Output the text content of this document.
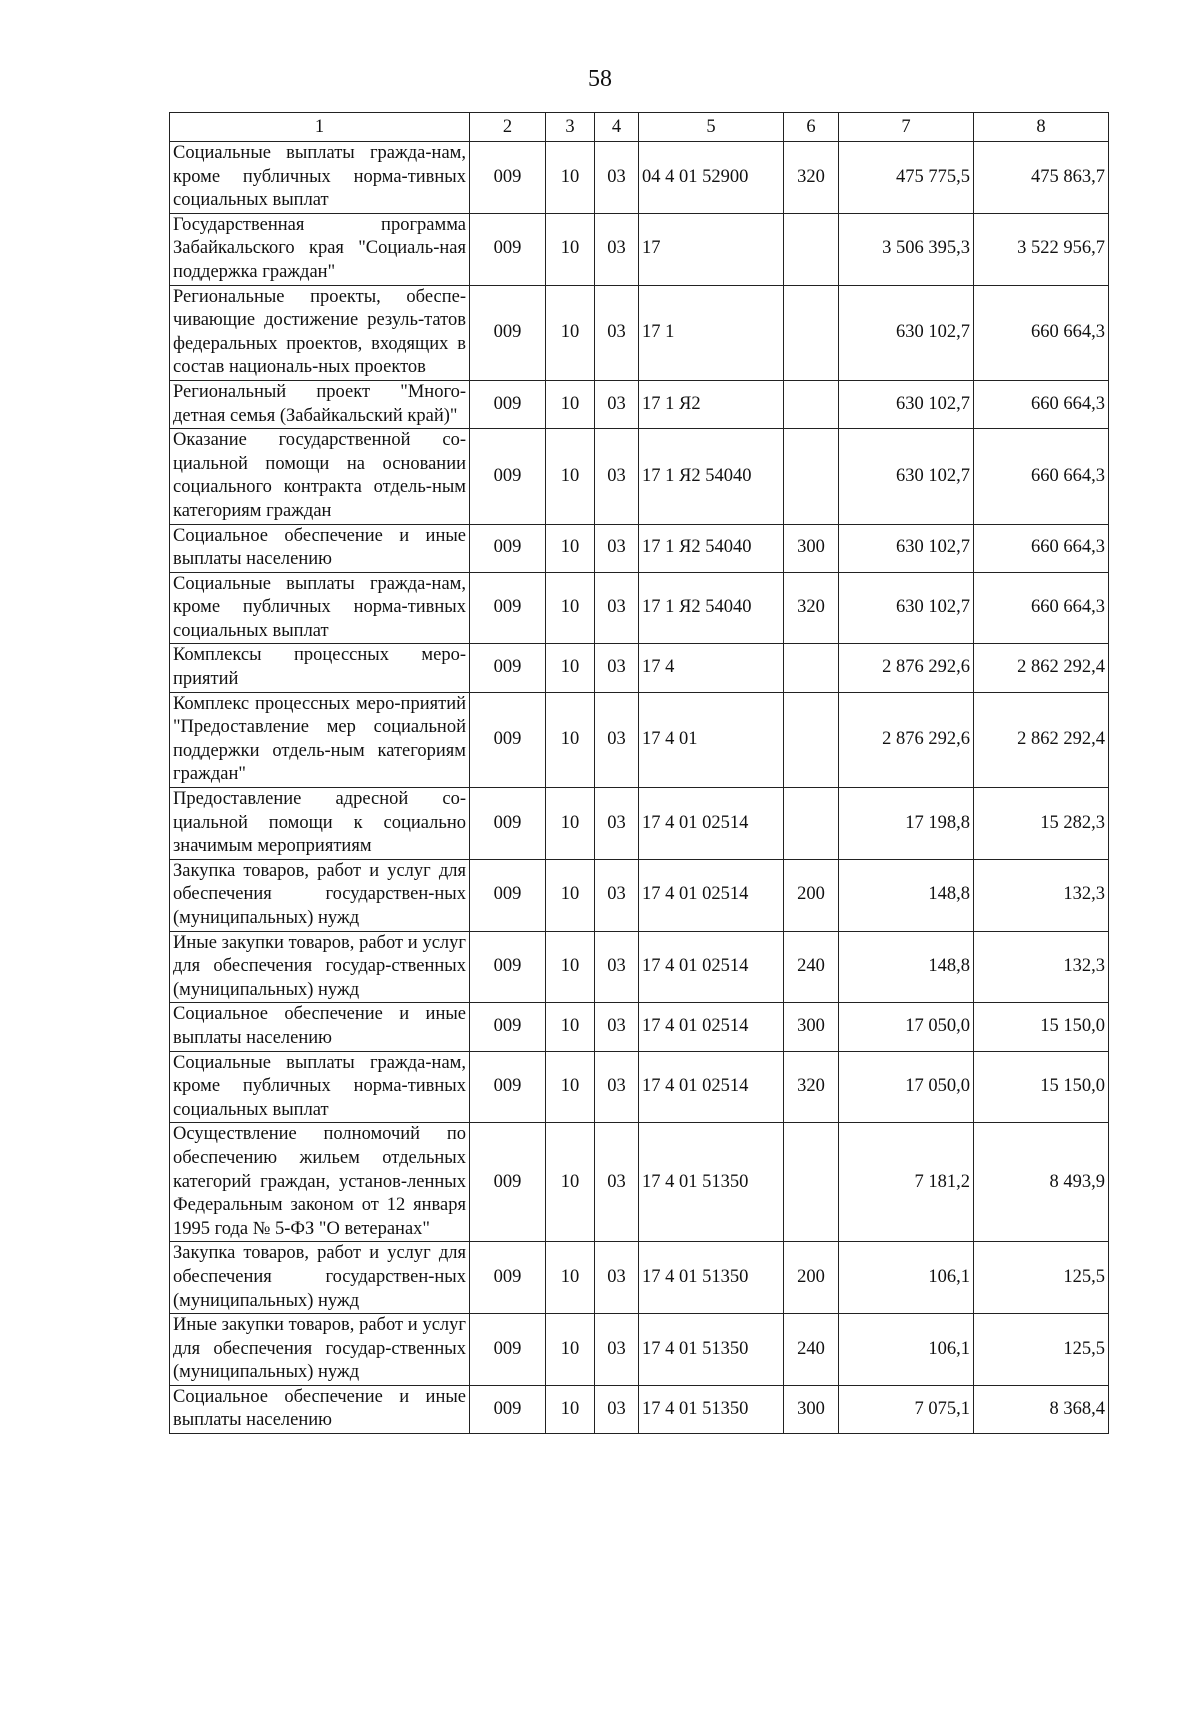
58
1	2	3	4	5	6	7	8
Социальные выплаты гражда-нам, кроме публичных норма-тивных социальных выплат	009	10	03	04 4 01 52900	320	475 775,5	475 863,7
Государственная программа Забайкальского края "Социаль-ная поддержка граждан"	009	10	03	17		3 506 395,3	3 522 956,7
Региональные проекты, обеспе-чивающие достижение резуль-татов федеральных проектов, входящих в состав националь-ных проектов	009	10	03	17 1		630 102,7	660 664,3
Региональный проект "Много-детная семья (Забайкальский край)"	009	10	03	17 1 Я2		630 102,7	660 664,3
Оказание государственной со-циальной помощи на основании социального контракта отдель-ным категориям граждан	009	10	03	17 1 Я2 54040		630 102,7	660 664,3
Социальное обеспечение и иные выплаты населению	009	10	03	17 1 Я2 54040	300	630 102,7	660 664,3
Социальные выплаты гражда-нам, кроме публичных норма-тивных социальных выплат	009	10	03	17 1 Я2 54040	320	630 102,7	660 664,3
Комплексы процессных меро-приятий	009	10	03	17 4		2 876 292,6	2 862 292,4
Комплекс процессных меро-приятий "Предоставление мер социальной поддержки отдель-ным категориям граждан"	009	10	03	17 4 01		2 876 292,6	2 862 292,4
Предоставление адресной со-циальной помощи к социально значимым мероприятиям	009	10	03	17 4 01 02514		17 198,8	15 282,3
Закупка товаров, работ и услуг для обеспечения государствен-ных (муниципальных) нужд	009	10	03	17 4 01 02514	200	148,8	132,3
Иные закупки товаров, работ и услуг для обеспечения государ-ственных (муниципальных) нужд	009	10	03	17 4 01 02514	240	148,8	132,3
Социальное обеспечение и иные выплаты населению	009	10	03	17 4 01 02514	300	17 050,0	15 150,0
Социальные выплаты гражда-нам, кроме публичных норма-тивных социальных выплат	009	10	03	17 4 01 02514	320	17 050,0	15 150,0
Осуществление полномочий по обеспечению жильем отдельных категорий граждан, установ-ленных Федеральным законом от 12 января 1995 года № 5-ФЗ "О ветеранах"	009	10	03	17 4 01 51350		7 181,2	8 493,9
Закупка товаров, работ и услуг для обеспечения государствен-ных (муниципальных) нужд	009	10	03	17 4 01 51350	200	106,1	125,5
Иные закупки товаров, работ и услуг для обеспечения государ-ственных (муниципальных) нужд	009	10	03	17 4 01 51350	240	106,1	125,5
Социальное обеспечение и иные выплаты населению	009	10	03	17 4 01 51350	300	7 075,1	8 368,4
